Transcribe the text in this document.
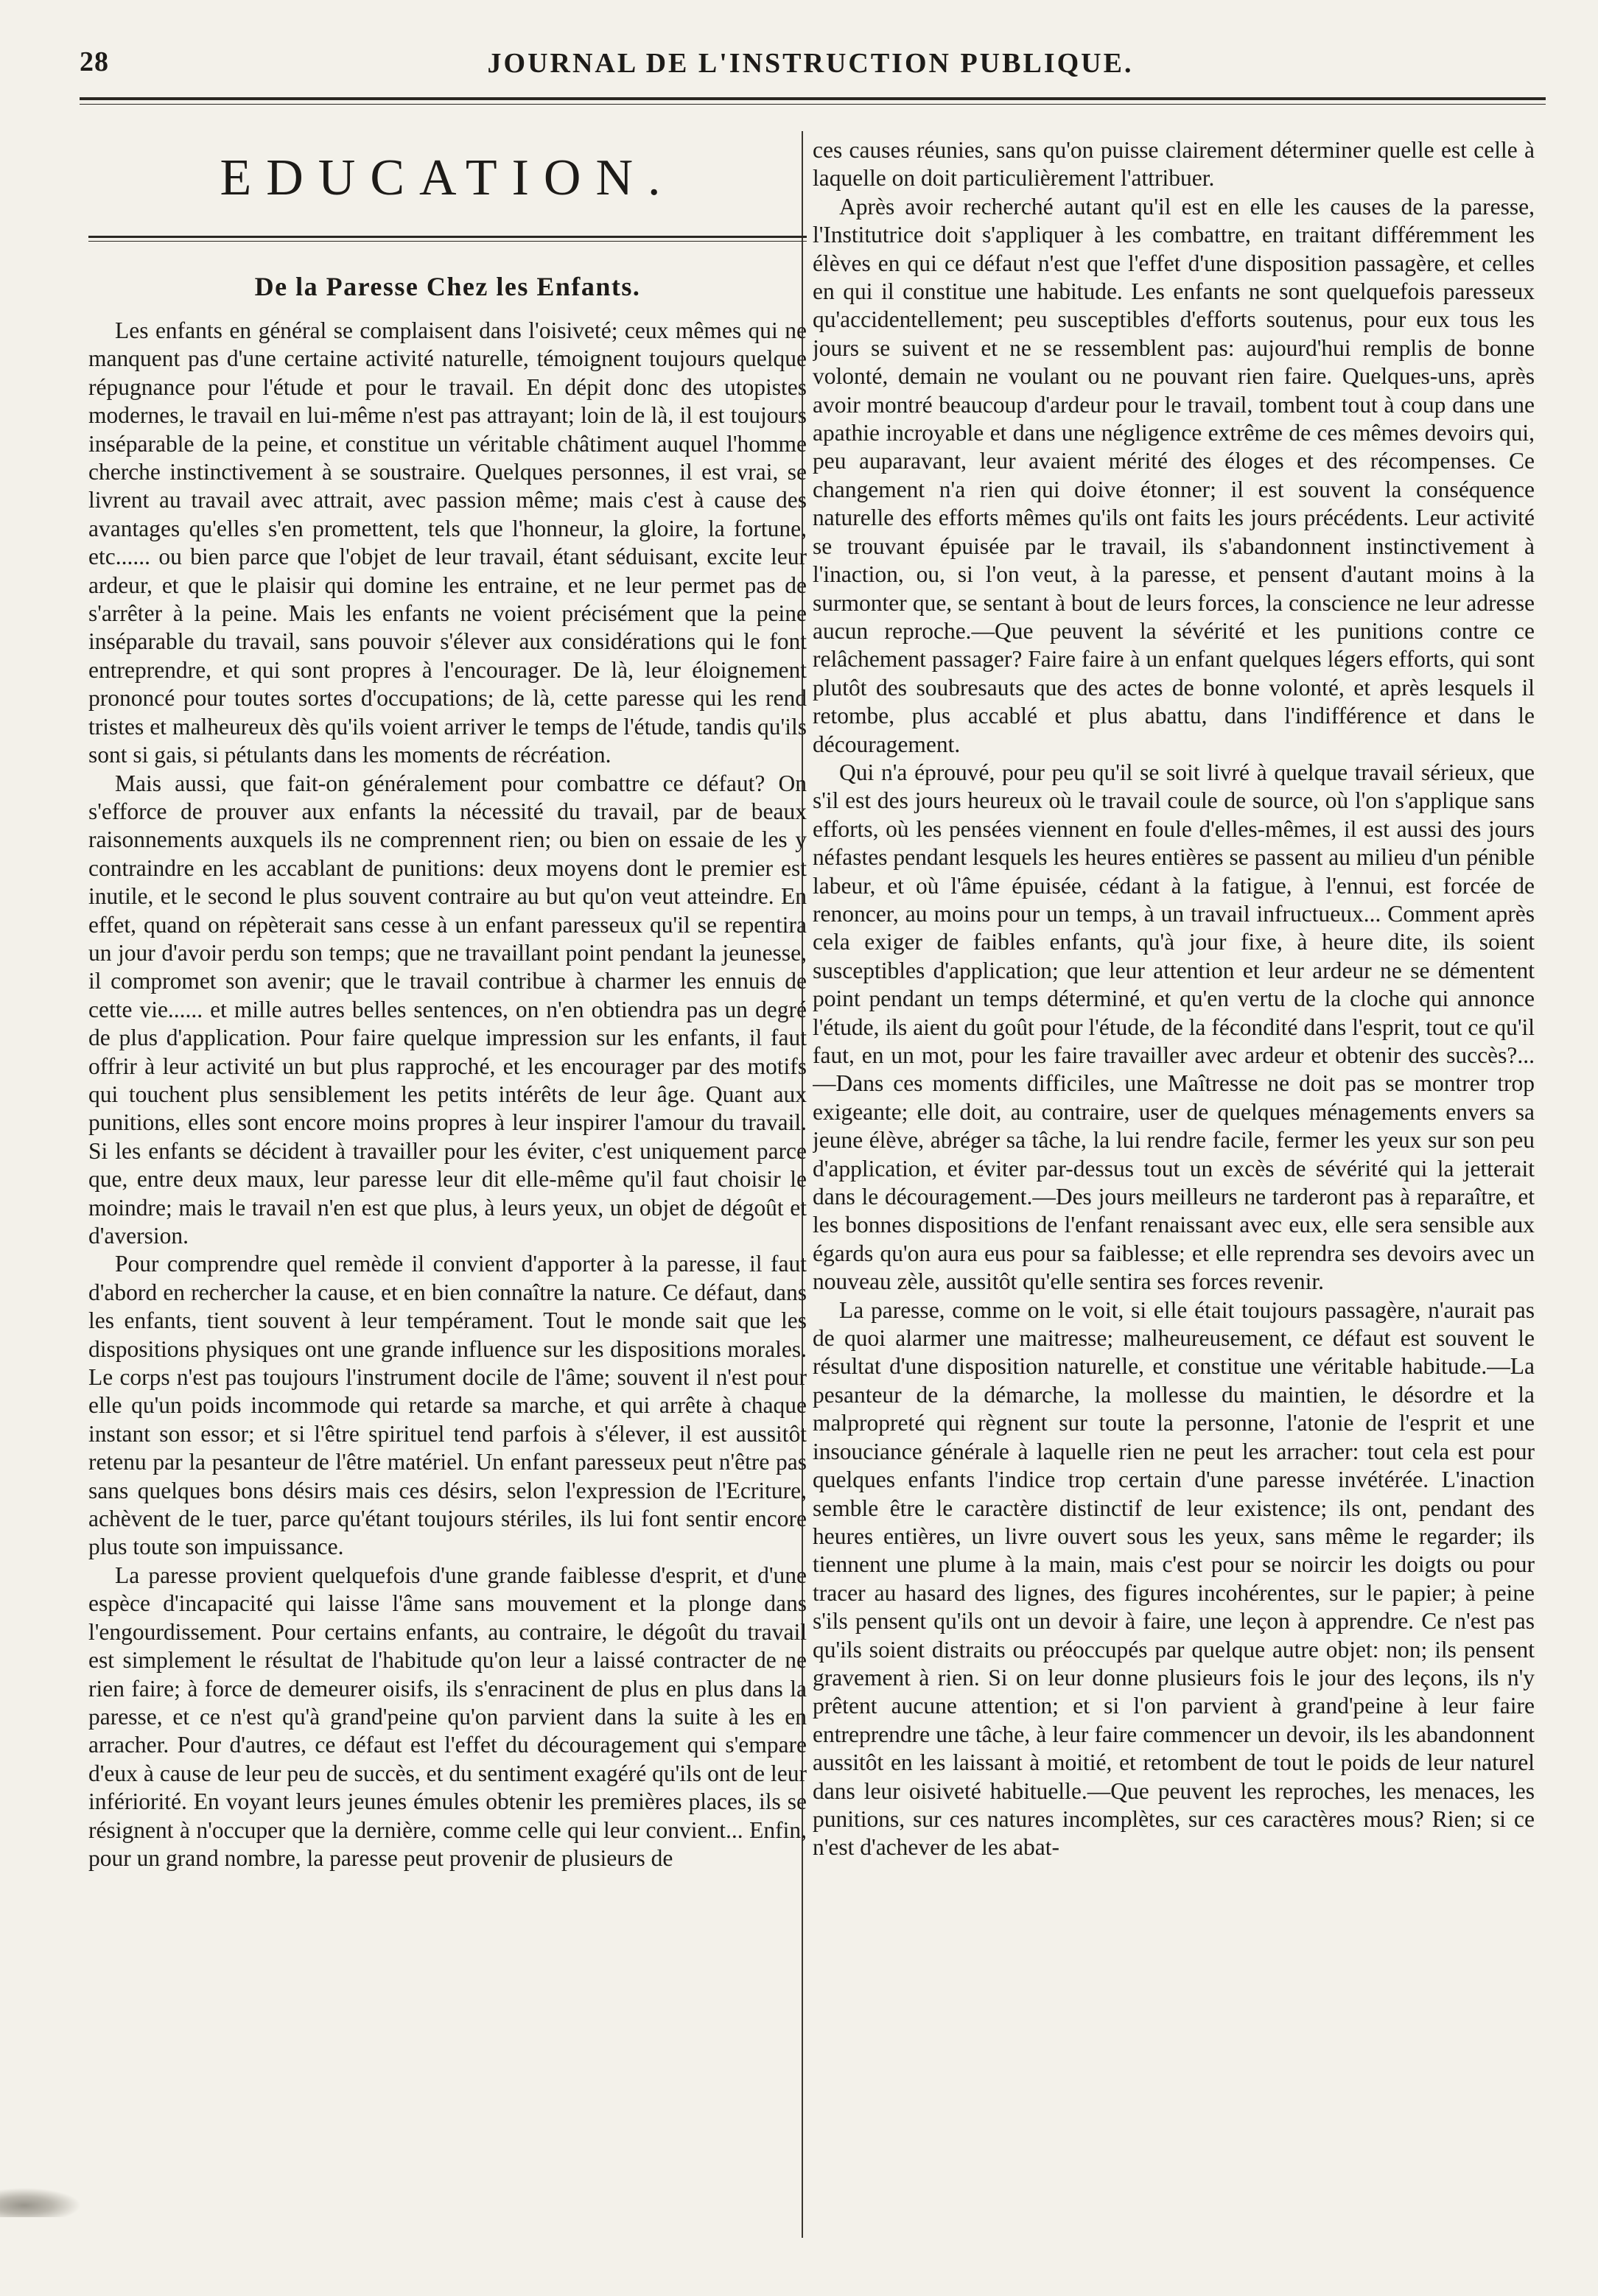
28	JOURNAL DE L'INSTRUCTION PUBLIQUE.
EDUCATION.
De la Paresse Chez les Enfants.

Les enfants en général se complaisent dans l'oisiveté; ceux mêmes qui ne manquent pas d'une certaine activité naturelle, témoignent toujours quelque répugnance pour l'étude et pour le travail. En dépit donc des utopistes modernes, le travail en lui-même n'est pas attrayant; loin de là, il est toujours inséparable de la peine, et constitue un véritable châtiment auquel l'homme cherche instinctivement à se soustraire. Quelques personnes, il est vrai, se livrent au travail avec attrait, avec passion même; mais c'est à cause des avantages qu'elles s'en promettent, tels que l'honneur, la gloire, la fortune, etc...... ou bien parce que l'objet de leur travail, étant séduisant, excite leur ardeur, et que le plaisir qui domine les entraine, et ne leur permet pas de s'arrêter à la peine. Mais les enfants ne voient précisément que la peine inséparable du travail, sans pouvoir s'élever aux considérations qui le font entreprendre, et qui sont propres à l'encourager. De là, leur éloignement prononcé pour toutes sortes d'occupations; de là, cette paresse qui les rend tristes et malheureux dès qu'ils voient arriver le temps de l'étude, tandis qu'ils sont si gais, si pétulants dans les moments de récréation.

Mais aussi, que fait-on généralement pour combattre ce défaut? On s'efforce de prouver aux enfants la nécessité du travail, par de beaux raisonnements auxquels ils ne comprennent rien; ou bien on essaie de les y contraindre en les accablant de punitions: deux moyens dont le premier est inutile, et le second le plus souvent contraire au but qu'on veut atteindre. En effet, quand on répèterait sans cesse à un enfant paresseux qu'il se repentira un jour d'avoir perdu son temps; que ne travaillant point pendant la jeunesse, il compromet son avenir; que le travail contribue à charmer les ennuis de cette vie...... et mille autres belles sentences, on n'en obtiendra pas un degré de plus d'application. Pour faire quelque impression sur les enfants, il faut offrir à leur activité un but plus rapproché, et les encourager par des motifs qui touchent plus sensiblement les petits intérêts de leur âge. Quant aux punitions, elles sont encore moins propres à leur inspirer l'amour du travail. Si les enfants se décident à travailler pour les éviter, c'est uniquement parce que, entre deux maux, leur paresse leur dit elle-même qu'il faut choisir le moindre; mais le travail n'en est que plus, à leurs yeux, un objet de dégoût et d'aversion.

Pour comprendre quel remède il convient d'apporter à la paresse, il faut d'abord en rechercher la cause, et en bien connaître la nature. Ce défaut, dans les enfants, tient souvent à leur tempérament. Tout le monde sait que les dispositions physiques ont une grande influence sur les dispositions morales. Le corps n'est pas toujours l'instrument docile de l'âme; souvent il n'est pour elle qu'un poids incommode qui retarde sa marche, et qui arrête à chaque instant son essor; et si l'être spirituel tend parfois à s'élever, il est aussitôt retenu par la pesanteur de l'être matériel. Un enfant paresseux peut n'être pas sans quelques bons désirs mais ces désirs, selon l'expression de l'Ecriture, achèvent de le tuer, parce qu'étant toujours stériles, ils lui font sentir encore plus toute son impuissance.

La paresse provient quelquefois d'une grande faiblesse d'esprit, et d'une espèce d'incapacité qui laisse l'âme sans mouvement et la plonge dans l'engourdissement. Pour certains enfants, au contraire, le dégoût du travail est simplement le résultat de l'habitude qu'on leur a laissé contracter de ne rien faire; à force de demeurer oisifs, ils s'enracinent de plus en plus dans la paresse, et ce n'est qu'à grand'peine qu'on parvient dans la suite à les en arracher. Pour d'autres, ce défaut est l'effet du découragement qui s'empare d'eux à cause de leur peu de succès, et du sentiment exagéré qu'ils ont de leur infériorité. En voyant leurs jeunes émules obtenir les premières places, ils se résignent à n'occuper que la dernière, comme celle qui leur convient... Enfin, pour un grand nombre, la paresse peut provenir de plusieurs de

ces causes réunies, sans qu'on puisse clairement déterminer quelle est celle à laquelle on doit particulièrement l'attribuer.

Après avoir recherché autant qu'il est en elle les causes de la paresse, l'Institutrice doit s'appliquer à les combattre, en traitant différemment les élèves en qui ce défaut n'est que l'effet d'une disposition passagère, et celles en qui il constitue une habitude. Les enfants ne sont quelquefois paresseux qu'accidentellement; peu susceptibles d'efforts soutenus, pour eux tous les jours se suivent et ne se ressemblent pas: aujourd'hui remplis de bonne volonté, demain ne voulant ou ne pouvant rien faire. Quelques-uns, après avoir montré beaucoup d'ardeur pour le travail, tombent tout à coup dans une apathie incroyable et dans une négligence extrême de ces mêmes devoirs qui, peu auparavant, leur avaient mérité des éloges et des récompenses. Ce changement n'a rien qui doive étonner; il est souvent la conséquence naturelle des efforts mêmes qu'ils ont faits les jours précédents. Leur activité se trouvant épuisée par le travail, ils s'abandonnent instinctivement à l'inaction, ou, si l'on veut, à la paresse, et pensent d'autant moins à la surmonter que, se sentant à bout de leurs forces, la conscience ne leur adresse aucun reproche.—Que peuvent la sévérité et les punitions contre ce relâchement passager? Faire faire à un enfant quelques légers efforts, qui sont plutôt des soubresauts que des actes de bonne volonté, et après lesquels il retombe, plus accablé et plus abattu, dans l'indifférence et dans le découragement.

Qui n'a éprouvé, pour peu qu'il se soit livré à quelque travail sérieux, que s'il est des jours heureux où le travail coule de source, où l'on s'applique sans efforts, où les pensées viennent en foule d'elles-mêmes, il est aussi des jours néfastes pendant lesquels les heures entières se passent au milieu d'un pénible labeur, et où l'âme épuisée, cédant à la fatigue, à l'ennui, est forcée de renoncer, au moins pour un temps, à un travail infructueux... Comment après cela exiger de faibles enfants, qu'à jour fixe, à heure dite, ils soient susceptibles d'application; que leur attention et leur ardeur ne se démentent point pendant un temps déterminé, et qu'en vertu de la cloche qui annonce l'étude, ils aient du goût pour l'étude, de la fécondité dans l'esprit, tout ce qu'il faut, en un mot, pour les faire travailler avec ardeur et obtenir des succès?...—Dans ces moments difficiles, une Maîtresse ne doit pas se montrer trop exigeante; elle doit, au contraire, user de quelques ménagements envers sa jeune élève, abréger sa tâche, la lui rendre facile, fermer les yeux sur son peu d'application, et éviter par-dessus tout un excès de sévérité qui la jetterait dans le découragement.—Des jours meilleurs ne tarderont pas à reparaître, et les bonnes dispositions de l'enfant renaissant avec eux, elle sera sensible aux égards qu'on aura eus pour sa faiblesse; et elle reprendra ses devoirs avec un nouveau zèle, aussitôt qu'elle sentira ses forces revenir.

La paresse, comme on le voit, si elle était toujours passagère, n'aurait pas de quoi alarmer une maitresse; malheureusement, ce défaut est souvent le résultat d'une disposition naturelle, et constitue une véritable habitude.—La pesanteur de la démarche, la mollesse du maintien, le désordre et la malpropreté qui règnent sur toute la personne, l'atonie de l'esprit et une insouciance générale à laquelle rien ne peut les arracher: tout cela est pour quelques enfants l'indice trop certain d'une paresse invétérée. L'inaction semble être le caractère distinctif de leur existence; ils ont, pendant des heures entières, un livre ouvert sous les yeux, sans même le regarder; ils tiennent une plume à la main, mais c'est pour se noircir les doigts ou pour tracer au hasard des lignes, des figures incohérentes, sur le papier; à peine s'ils pensent qu'ils ont un devoir à faire, une leçon à apprendre. Ce n'est pas qu'ils soient distraits ou préoccupés par quelque autre objet: non; ils pensent gravement à rien. Si on leur donne plusieurs fois le jour des leçons, ils n'y prêtent aucune attention; et si l'on parvient à grand'peine à leur faire entreprendre une tâche, à leur faire commencer un devoir, ils les abandonnent aussitôt en les laissant à moitié, et retombent de tout le poids de leur naturel dans leur oisiveté habituelle.—Que peuvent les reproches, les menaces, les punitions, sur ces natures incomplètes, sur ces caractères mous? Rien; si ce n'est d'achever de les abat-
